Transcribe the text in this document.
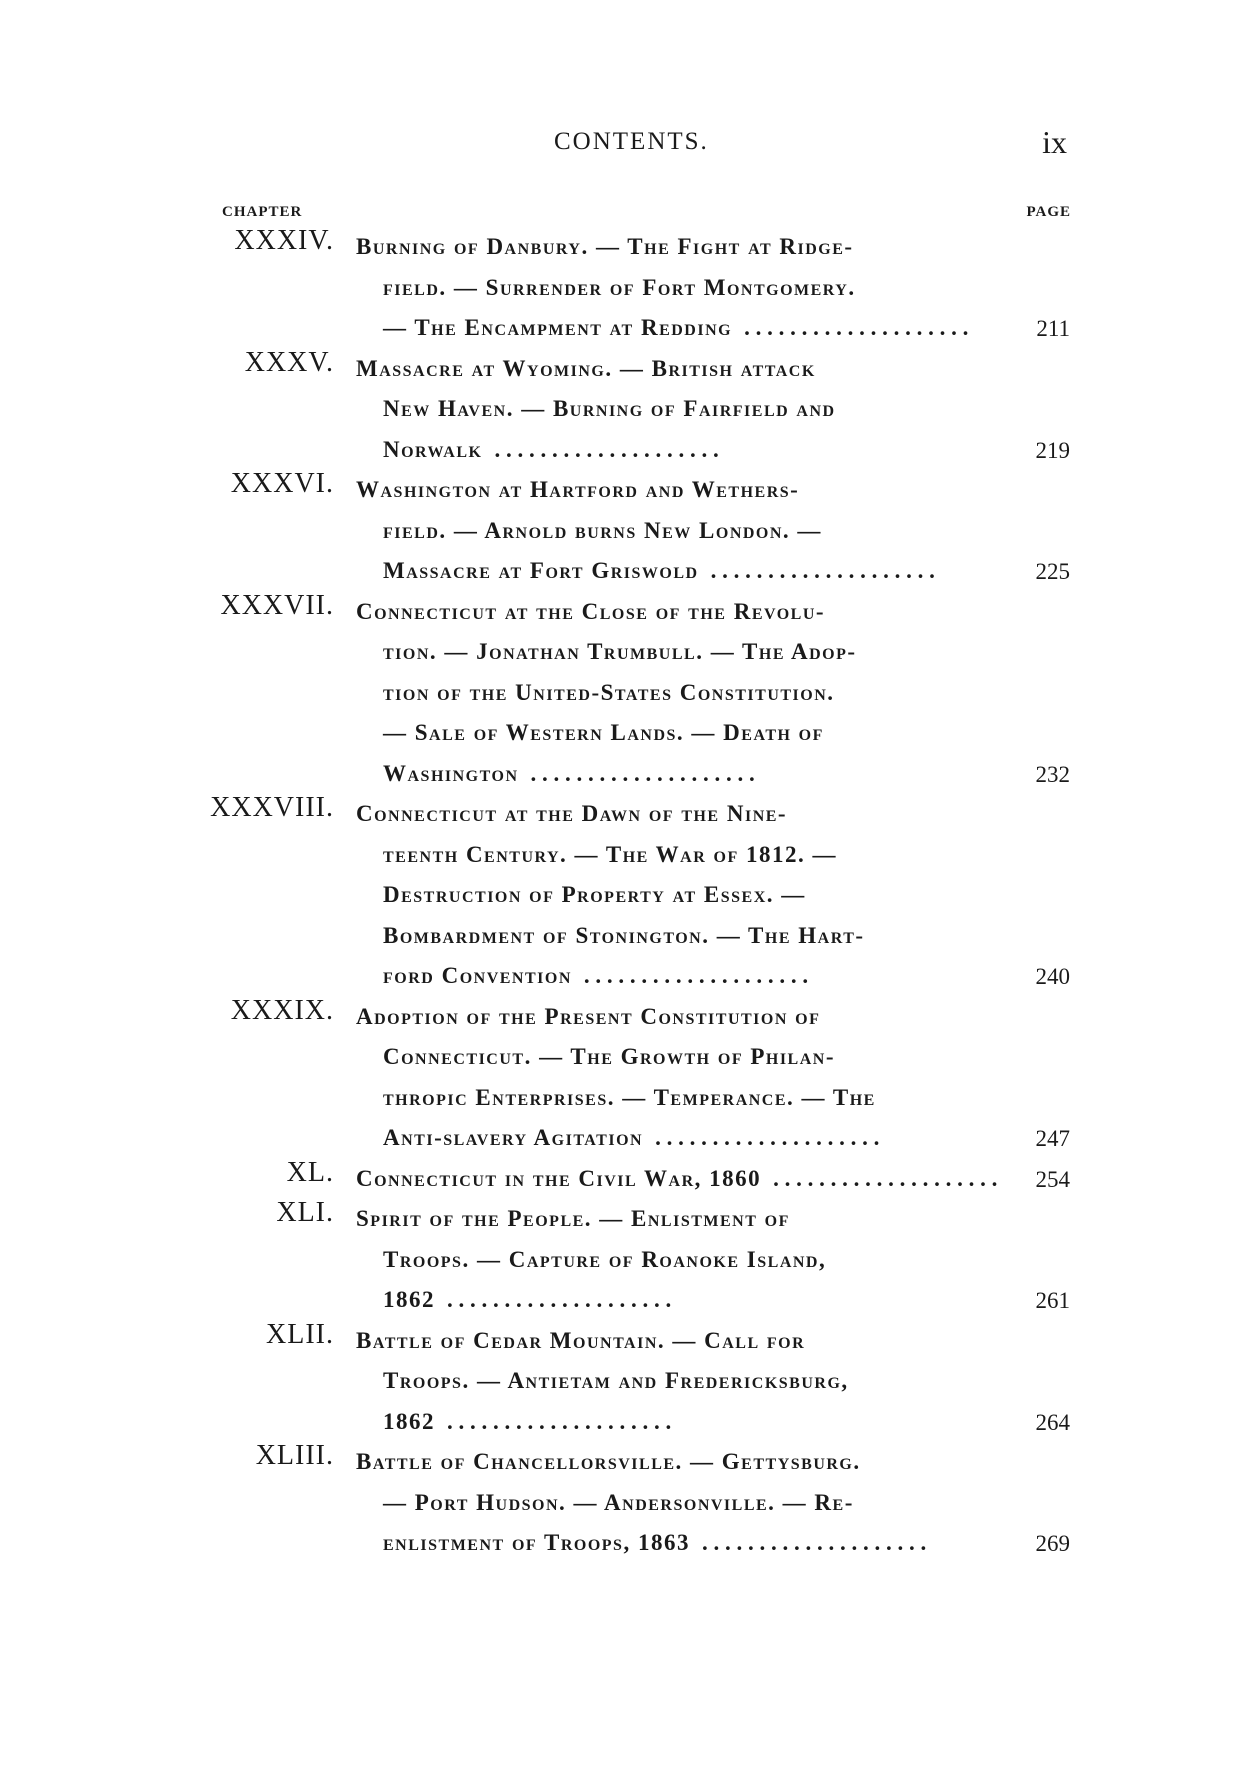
CONTENTS.	ix
CHAPTER	PAGE
XXXIV. Burning of Danbury. — The Fight at Ridge-
field. — Surrender of Fort Montgomery.
— The Encampment at Redding . . . . . . . . . . . . . . . . . . . .	211
XXXV. Massacre at Wyoming. — British attack
New Haven. — Burning of Fairfield and
Norwalk . . . . . . . . . . . . . . . . . . . .	219
XXXVI. Washington at Hartford and Wethers-
field. — Arnold burns New London. —
Massacre at Fort Griswold . . . . . . . . . . . . . . . . . . . .	225
XXXVII. Connecticut at the Close of the Revolu-
tion. — Jonathan Trumbull. — The Adop-
tion of the United-States Constitution.
— Sale of Western Lands. — Death of
Washington . . . . . . . . . . . . . . . . . . . .	232
XXXVIII. Connecticut at the Dawn of the Nine-
teenth Century. — The War of 1812. —
Destruction of Property at Essex. —
Bombardment of Stonington. — The Hart-
ford Convention . . . . . . . . . . . . . . . . . . . .	240
XXXIX. Adoption of the Present Constitution of
Connecticut. — The Growth of Philan-
thropic Enterprises. — Temperance. — The
Anti-slavery Agitation . . . . . . . . . . . . . . . . . . . .	247
XL. Connecticut in the Civil War, 1860 . . . . . . . . . . . . . . . . . . . .	254
XLI. Spirit of the People. — Enlistment of
Troops. — Capture of Roanoke Island,
1862 . . . . . . . . . . . . . . . . . . . .	261
XLII. Battle of Cedar Mountain. — Call for
Troops. — Antietam and Fredericksburg,
1862 . . . . . . . . . . . . . . . . . . . .	264
XLIII. Battle of Chancellorsville. — Gettysburg.
— Port Hudson. — Andersonville. — Re-
enlistment of Troops, 1863 . . . . . . . . . . . . . . . . . . . .	269
